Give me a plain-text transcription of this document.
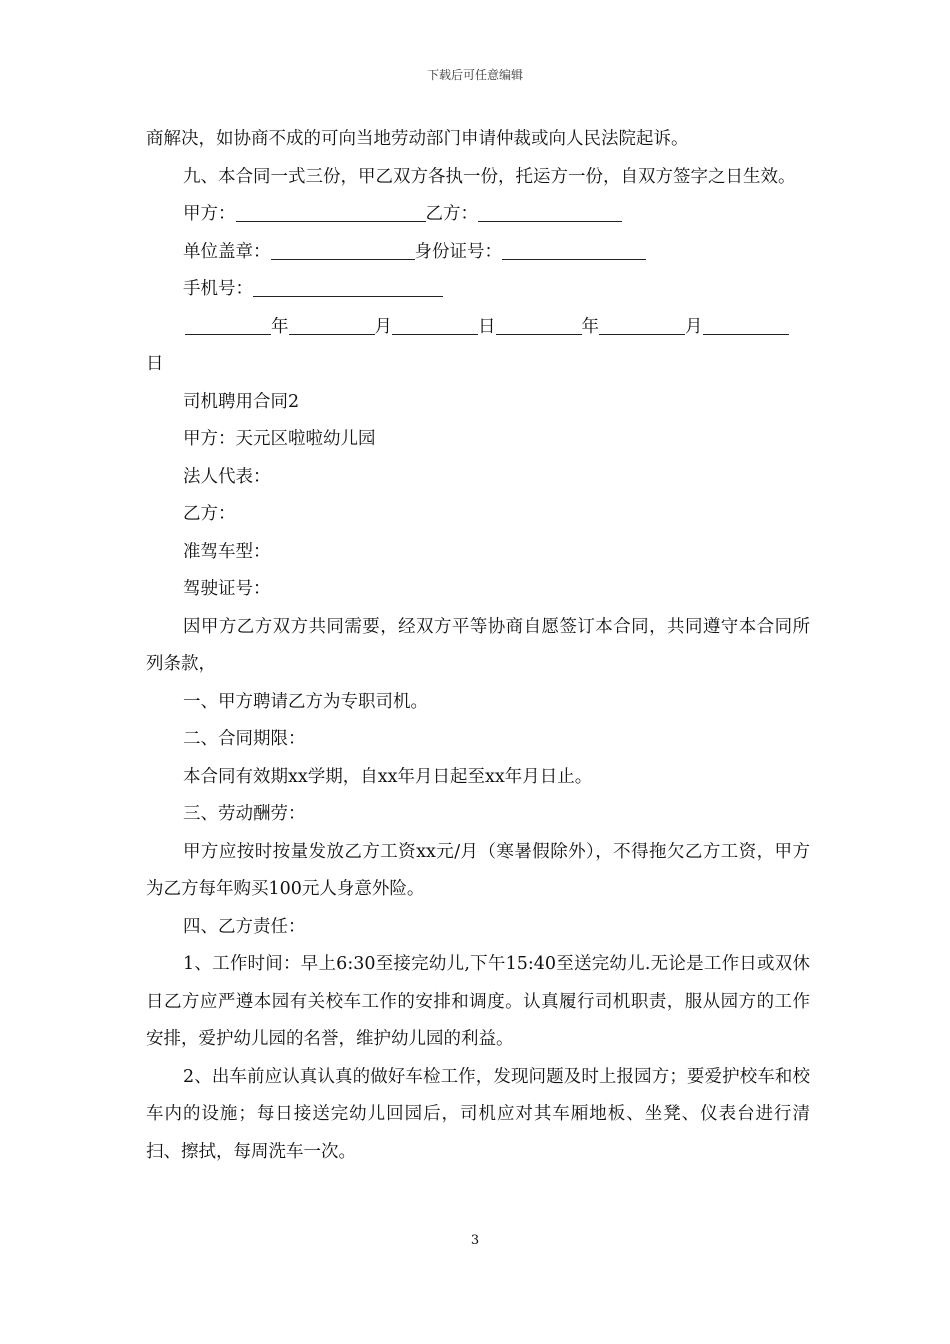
下载后可任意编辑

商解决，如协商不成的可向当地劳动部门申请仲裁或向人民法院起诉。

九、本合同一式三份，甲乙双方各执一份，托运方一份，自双方签字之日生效。

甲方：	乙方：

单位盖章：	身份证号：

手机号：

年	月	日	年	月

日

司机聘用合同2

甲方：天元区啦啦幼儿园

法人代表：

乙方：

准驾车型：

驾驶证号：

因甲方乙方双方共同需要，经双方平等协商自愿签订本合同，共同遵守本合同所列条款，

一、甲方聘请乙方为专职司机。

二、合同期限：

本合同有效期xx学期，自xx年月日起至xx年月日止。

三、劳动酬劳：

甲方应按时按量发放乙方工资xx元/月（寒暑假除外），不得拖欠乙方工资，甲方为乙方每年购买100元人身意外险。

四、乙方责任：

1、工作时间：早上6:30至接完幼儿,下午15:40至送完幼儿.无论是工作日或双休日乙方应严遵本园有关校车工作的安排和调度。认真履行司机职责，服从园方的工作安排，爱护幼儿园的名誉，维护幼儿园的利益。

2、出车前应认真认真的做好车检工作，发现问题及时上报园方；要爱护校车和校车内的设施；每日接送完幼儿回园后，司机应对其车厢地板、坐凳、仪表台进行清扫、擦拭，每周洗车一次。

3
